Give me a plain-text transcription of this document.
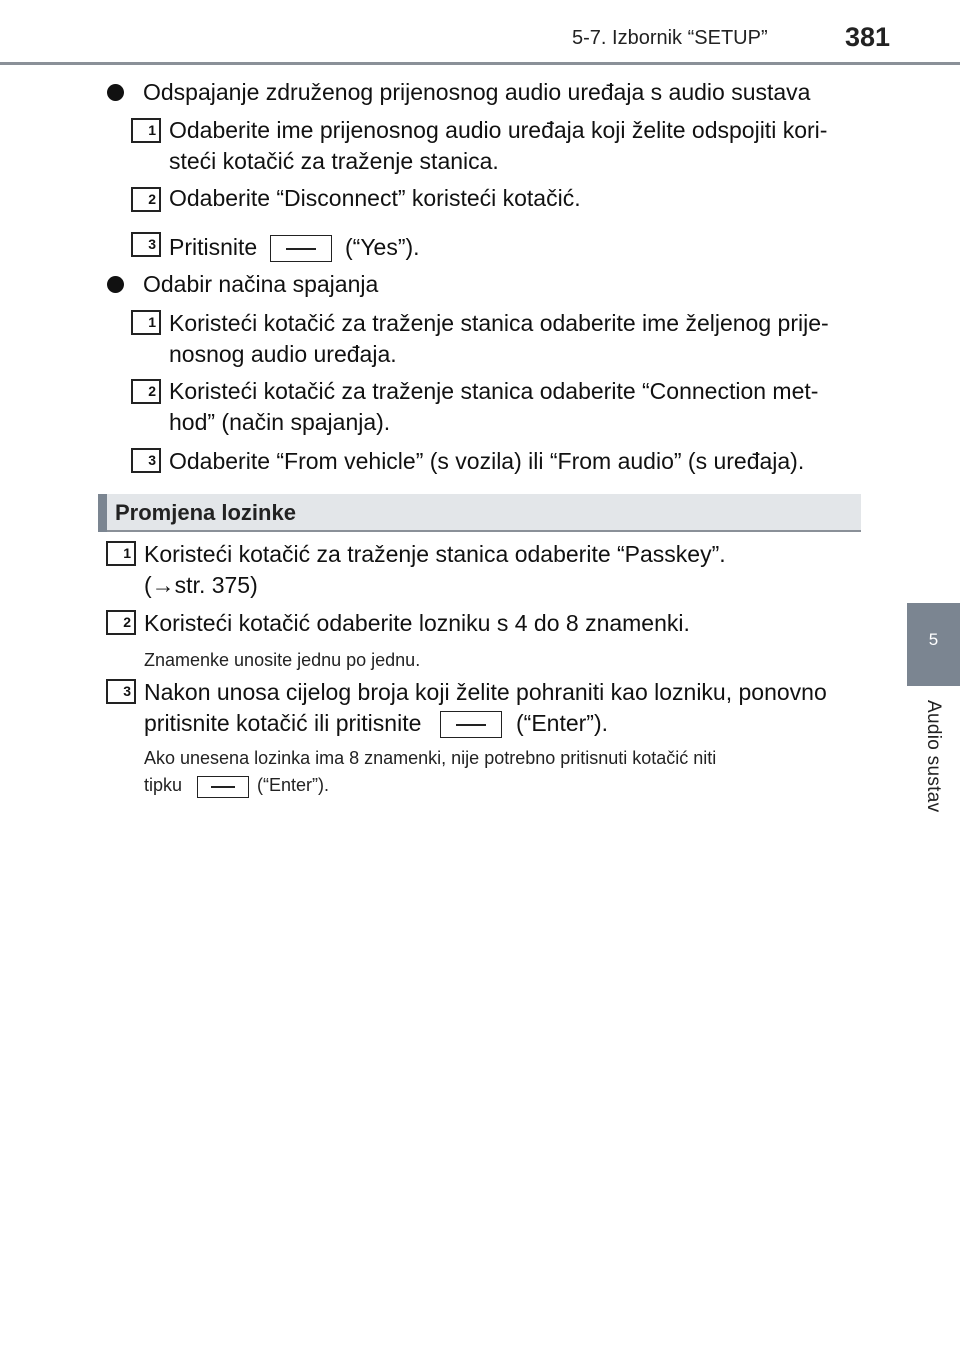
5-7. Izbornik “SETUP”	381
5
Audio sustav
Odspajanje združenog prijenosnog audio uređaja s audio sustava
1 Odaberite ime prijenosnog audio uređaja koji želite odspojiti kori-
steći kotačić za traženje stanica.
2 Odaberite “Disconnect” koristeći kotačić.
3 Pritisnite	(“Yes”).
Odabir načina spajanja
1 Koristeći kotačić za traženje stanica odaberite ime željenog prije-
nosnog audio uređaja.
2 Koristeći kotačić za traženje stanica odaberite “Connection met-
hod” (način spajanja).
3 Odaberite “From vehicle” (s vozila) ili “From audio” (s uređaja).
Promjena lozinke
1 Koristeći kotačić za traženje stanica odaberite “Passkey”.
(→str. 375)
2 Koristeći kotačić odaberite lozniku s 4 do 8 znamenki.
Znamenke unosite jednu po jednu.
3 Nakon unosa cijelog broja koji želite pohraniti kao lozniku, ponovno
pritisnite kotačić ili pritisnite	(“Enter”).
Ako unesena lozinka ima 8 znamenki, nije potrebno pritisnuti kotačić niti
tipku	(“Enter”).
